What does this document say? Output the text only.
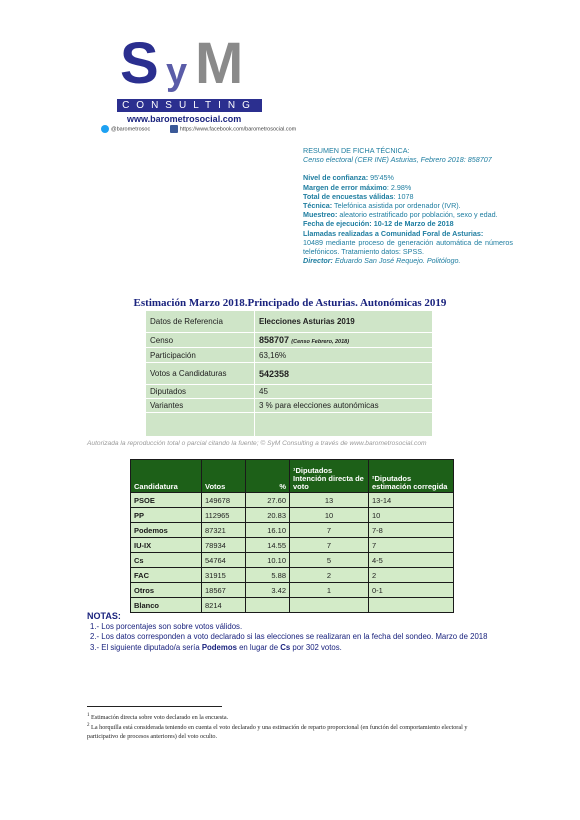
S y M
CONSULTING
www.barometrosocial.com
@barometrosoc	https://www.facebook.com/barometrosocial.com
RESUMEN DE FICHA TÉCNICA:
Censo electoral (CER INE) Asturias, Febrero 2018: 858707
Nivel de confianza: 95'45%
Margen de error máximo: 2.98%
Total de encuestas válidas: 1078
Técnica: Telefónica asistida por ordenador (IVR).
Muestreo: aleatorio estratificado por población, sexo y edad.
Fecha de ejecución: 10-12 de Marzo de 2018
Llamadas realizadas a Comunidad Foral de Asturias:
10489 mediante proceso de generación automática de números telefónicos. Tratamiento datos: SPSS.
Director: Eduardo San José Requejo. Politólogo.
Estimación Marzo 2018.Principado de Asturias. Autonómicas 2019
Datos de Referencia	Elecciones Asturias 2019
Censo	858707 (Censo Febrero, 2018)
Participación	63,16%
Votos a Candidaturas	542358
Diputados	45
Variantes	3 % para elecciones autonómicas

Autorizada la reproducción total o parcial citando la fuente; © SyM Consulting a través de www.barometrosocial.com
Candidatura	Votos	%	¹Diputados Intención directa de voto	²Diputados estimación corregida
PSOE	149678	27.60	13	13-14
PP	112965	20.83	10	10
Podemos	87321	16.10	7	7-8
IU-IX	78934	14.55	7	7
Cs	54764	10.10	5	4-5
FAC	31915	5.88	2	2
Otros	18567	3.42	1	0-1
Blanco	8214			
NOTAS:
1.- Los porcentajes son sobre votos válidos.
2.- Los datos corresponden a voto declarado si las elecciones se realizaran en la fecha del sondeo. Marzo de 2018
3.- El siguiente diputado/a sería Podemos en lugar de Cs por 302 votos.
$^1$ Estimación directa sobre voto declarado en la encuesta.
$^2$ La horquilla está considerada teniendo en cuenta el voto declarado y una estimación de reparto proporcional (en función del comportamiento electoral y participativo de procesos anteriores) del voto oculto.
